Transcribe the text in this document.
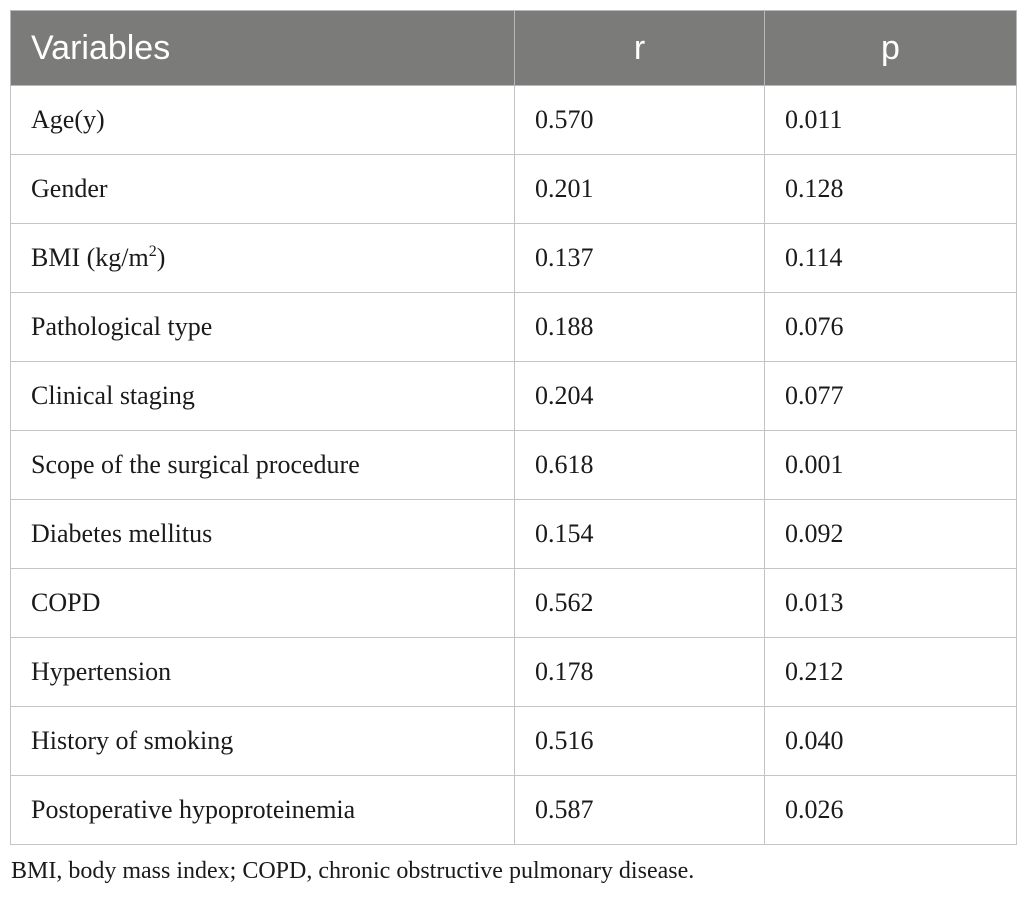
Variables	r	p
Age(y)	0.570	0.011
Gender	0.201	0.128
BMI $(kg/m^2)$	0.137	0.114
Pathological type	0.188	0.076
Clinical staging	0.204	0.077
Scope of the surgical procedure	0.618	0.001
Diabetes mellitus	0.154	0.092
COPD	0.562	0.013
Hypertension	0.178	0.212
History of smoking	0.516	0.040
Postoperative hypoproteinemia	0.587	0.026
BMI, body mass index; COPD, chronic obstructive pulmonary disease.
